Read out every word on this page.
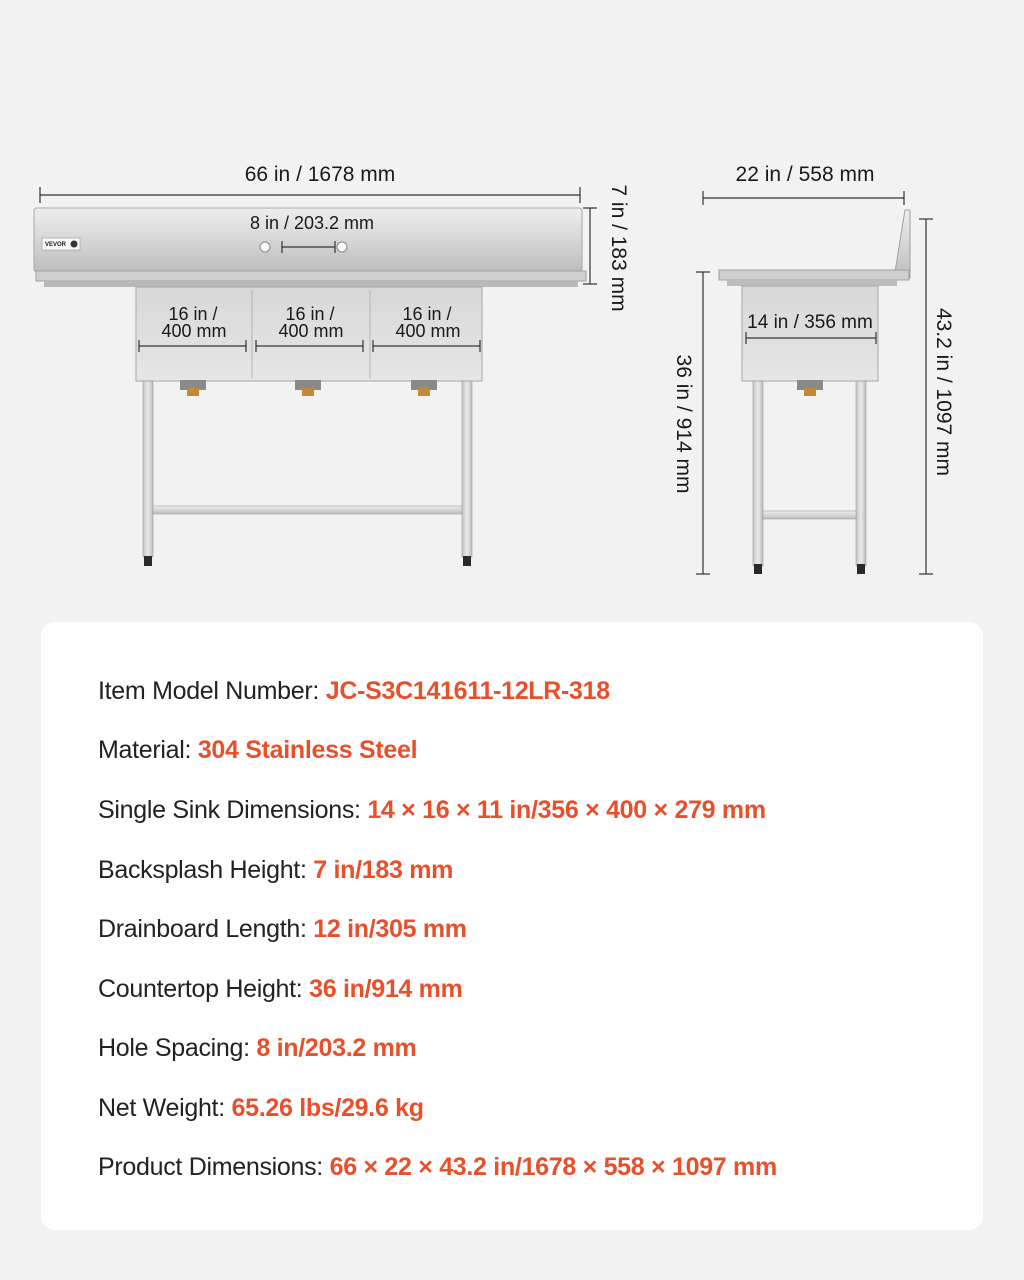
66 in / 1678 mm
VEVOR
8 in / 203.2 mm	7 in / 183 mm
16 in /
400 mm
16 in /
400 mm
16 in /
400 mm
22 in / 558 mm
14 in / 356 mm
36 in / 914 mm	43.2 in / 1097 mm
Item Model Number: JC-S3C141611-12LR-318
Material: 304 Stainless Steel
Single Sink Dimensions: 14 × 16 × 11 in/356 × 400 × 279 mm
Backsplash Height: 7 in/183 mm
Drainboard Length: 12 in/305 mm
Countertop Height: 36 in/914 mm
Hole Spacing: 8 in/203.2 mm
Net Weight: 65.26 lbs/29.6 kg
Product Dimensions: 66 × 22 × 43.2 in/1678 × 558 × 1097 mm
